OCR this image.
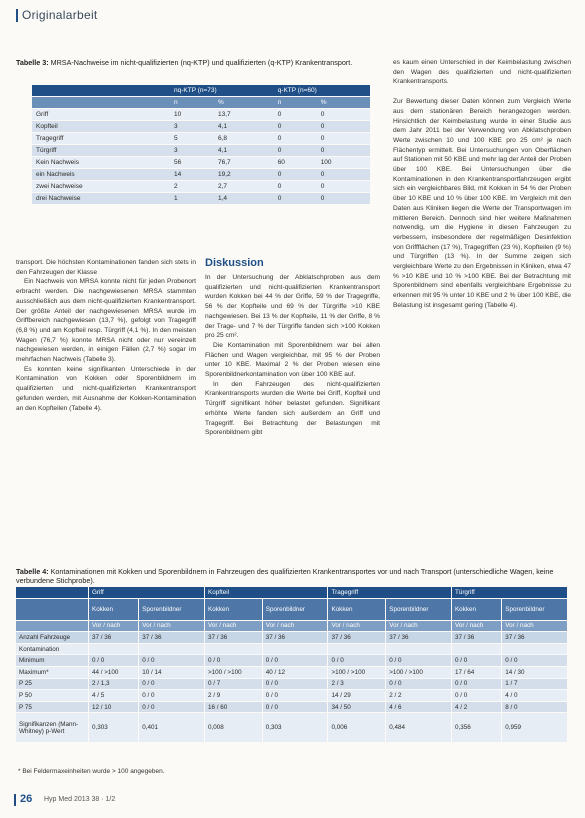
Originalarbeit
Tabelle 3: MRSA-Nachweise im nicht-qualifizierten (nq-KTP) und qualifizierten (q-KTP) Krankentransport.
	nq-KTP (n=73)		q-KTP (n=60)	
	n	%	n	%
Griff	10	13,7	0	0
Kopfteil	3	4,1	0	0
Tragegriff	5	6,8	0	0
Türgriff	3	4,1	0	0
Kein Nachweis	56	76,7	60	100
ein Nachweis	14	19,2	0	0
zwei Nachweise	2	2,7	0	0
drei Nachweise	1	1,4	0	0

transport. Die höchsten Kontaminationen fanden sich stets in den Fahrzeugen der Klasse

Ein Nachweis von MRSA konnte nicht für jeden Probenort erbracht werden. Die nachgewiesenen MRSA stammten ausschließlich aus dem nicht-qualifizierten Krankentransport. Der größte Anteil der nachgewiesenen MRSA wurde im Griffbereich nachgewiesen (13,7 %), gefolgt von Tragegriff (6,8 %) und am Kopfteil resp. Türgriff (4,1 %). In den meisten Wagen (76,7 %) konnte MRSA nicht oder nur vereinzelt nachgewiesen werden, in einigen Fällen (2,7 %) sogar im mehrfachen Nachweis (Tabelle 3).

Es konnten keine signifikanten Unterschiede in der Kontamination von Kokken oder Sporenbildnern im qualifizierten und nicht-qualifizierten Krankentransport gefunden werden, mit Ausnahme der Kokken-Kontamination an den Kopfteilen (Tabelle 4).

Diskussion

In der Untersuchung der Abklatschproben aus dem qualifizierten und nicht-qualifizierten Krankentransport wurden Kokken bei 44 % der Griffe, 59 % der Tragegriffe, 56 % der Kopfteile und 69 % der Türgriffe >10 KBE nachgewiesen. Bei 13 % der Kopfteile, 11 % der Griffe, 8 % der Trage- und 7 % der Türgriffe fanden sich >100 Kokken pro 25 cm².

Die Kontamination mit Sporenbildnern war bei allen Flächen und Wagen vergleichbar, mit 95 % der Proben unter 10 KBE. Maximal 2 % der Proben wiesen eine Sporenbildnerkontamination von über 100 KBE auf.

In den Fahrzeugen des nicht-qualifizierten Krankentransports wurden die Werte bei Griff, Kopfteil und Türgriff signifikant höher belastet gefunden. Signifikant erhöhte Werte fanden sich außerdem an Griff und Tragegriff. Bei Betrachtung der Belastungen mit Sporenbildnern gibt

es kaum einen Unterschied in der Keimbelastung zwischen den Wagen des qualifizierten und nicht-qualifizierten Krankentransports.

Zur Bewertung dieser Daten können zum Vergleich Werte aus dem stationären Bereich herangezogen werden. Hinsichtlich der Keimbelastung wurde in einer Studie aus dem Jahr 2011 bei der Verwendung von Abklatschproben Werte zwischen 10 und 100 KBE pro 25 cm² je nach Flächentyp ermittelt. Bei Untersuchungen von Oberflächen auf Stationen mit 50 KBE und mehr lag der Anteil der Proben über 100 KBE. Bei Untersuchungen über die Kontaminationen in den Krankentransportfahrzeugen ergibt sich ein vergleichbares Bild, mit Kokken in 54 % der Proben über 10 KBE und 10 % über 100 KBE. Im Vergleich mit den Daten aus Kliniken liegen die Werte der Transportwagen im mittleren Bereich. Dennoch sind hier weitere Maßnahmen notwendig, um die Hygiene in diesen Fahrzeugen zu verbessern, insbesondere der regelmäßigen Desinfektion von Griffflächen (17 %), Tragegriffen (23 %), Kopfteilen (9 %) und Türgriffen (13 %). In der Summe zeigen sich vergleichbare Werte zu den Ergebnissen in Kliniken, etwa 47 % >10 KBE und 10 % >100 KBE. Bei der Betrachtung mit Sporenbildnern sind ebenfalls vergleichbare Ergebnisse zu erkennen mit 95 % unter 10 KBE und 2 % über 100 KBE, die Belastung ist insgesamt gering (Tabelle 4).

Tabelle 4: Kontaminationen mit Kokken und Sporenbildnern in Fahrzeugen des qualifizierten Krankentransportes vor und nach Transport (unterschiedliche Wagen, keine verbundene Stichprobe).
	Griff		Kopfteil		Tragegriff		Türgriff	
	Kokken	Sporenbildner	Kokken	Sporenbildner	Kokken	Sporenbildner	Kokken	Sporenbildner
	Vor / nach	Vor / nach	Vor / nach	Vor / nach	Vor / nach	Vor / nach	Vor / nach	Vor / nach
Anzahl Fahrzeuge	37 / 36	37 / 36	37 / 36	37 / 36	37 / 36	37 / 36	37 / 36	37 / 36
Kontamination								
Minimum	0 / 0	0 / 0	0 / 0	0 / 0	0 / 0	0 / 0	0 / 0	0 / 0
Maximum*	44 / >100	10 / 14	>100 / >100	40 / 12	>100 / >100	>100 / >100	17 / 64	14 / 30
P 25	2 / 1,3	0 / 0	0 / 7	0 / 0	2 / 3	0 / 0	0 / 0	1 / 7
P 50	4 / 5	0 / 0	2 / 9	0 / 0	14 / 29	2 / 2	0 / 0	4 / 0
P 75	12 / 10	0 / 0	16 / 60	0 / 0	34 / 50	4 / 6	4 / 2	8 / 0
Signifikanzen (Mann-Whitney) p-Wert	0,303	0,401	0,008	0,303	0,006	0,484	0,356	0,959
* Bei Feldermaxeinheiten wurde > 100 angegeben.
26 Hyp Med 2013 38 · 1/2
